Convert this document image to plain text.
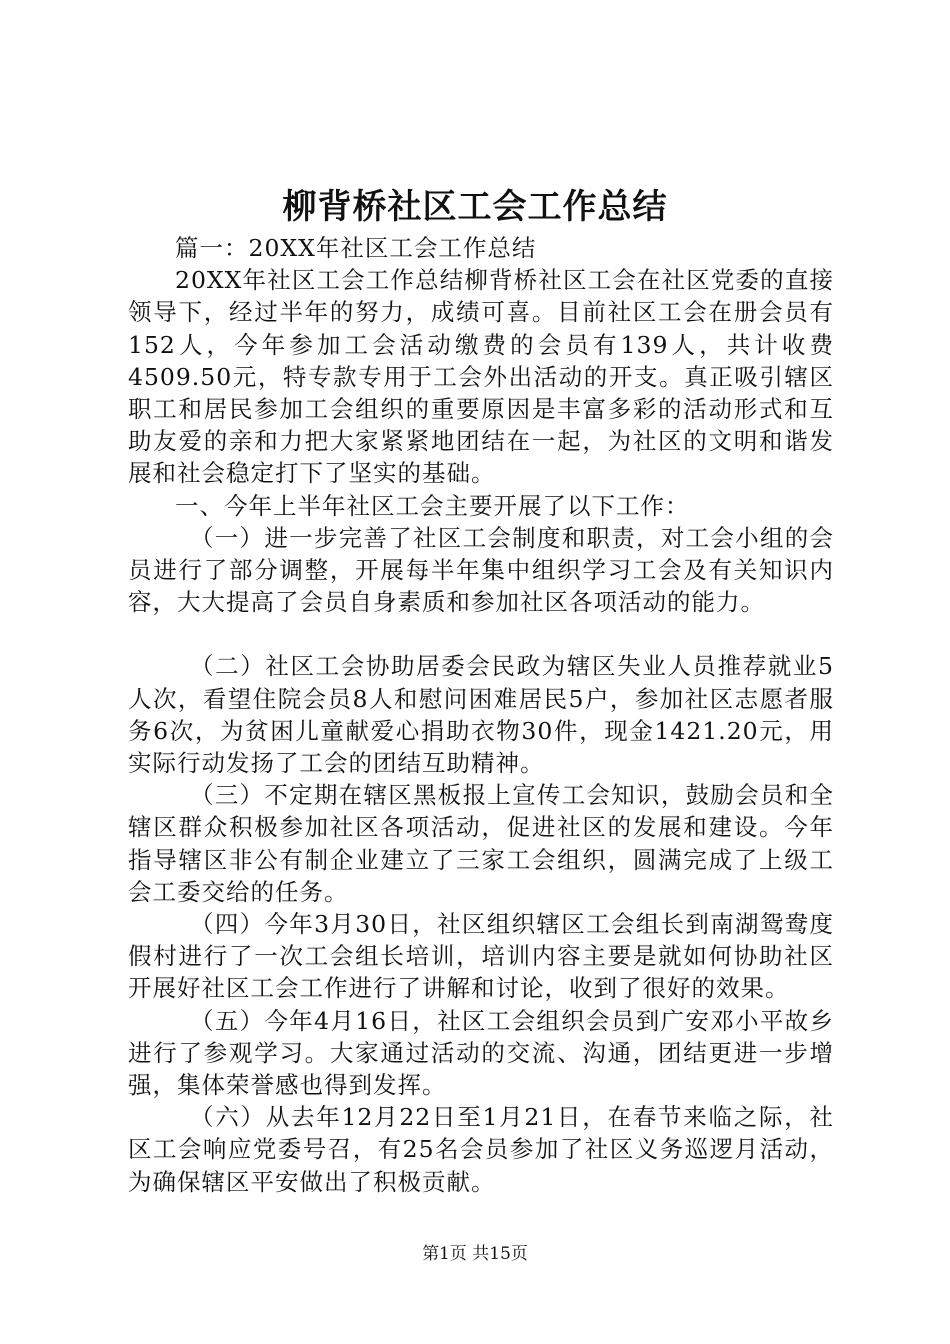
柳背桥社区工会工作总结

篇一：20XX年社区工会工作总结

20XX年社区工会工作总结柳背桥社区工会在社区党委的直接领导下，经过半年的努力，成绩可喜。目前社区工会在册会员有152人，今年参加工会活动缴费的会员有139人，共计收费4509.50元，特专款专用于工会外出活动的开支。真正吸引辖区职工和居民参加工会组织的重要原因是丰富多彩的活动形式和互助友爱的亲和力把大家紧紧地团结在一起，为社区的文明和谐发展和社会稳定打下了坚实的基础。

一、今年上半年社区工会主要开展了以下工作：

（一）进一步完善了社区工会制度和职责，对工会小组的会员进行了部分调整，开展每半年集中组织学习工会及有关知识内容，大大提高了会员自身素质和参加社区各项活动的能力。

（二）社区工会协助居委会民政为辖区失业人员推荐就业5人次，看望住院会员8人和慰问困难居民5户，参加社区志愿者服务6次，为贫困儿童献爱心捐助衣物30件，现金1421.20元，用实际行动发扬了工会的团结互助精神。

（三）不定期在辖区黑板报上宣传工会知识，鼓励会员和全辖区群众积极参加社区各项活动，促进社区的发展和建设。今年指导辖区非公有制企业建立了三家工会组织，圆满完成了上级工会工委交给的任务。

（四）今年3月30日，社区组织辖区工会组长到南湖鸳鸯度假村进行了一次工会组长培训，培训内容主要是就如何协助社区开展好社区工会工作进行了讲解和讨论，收到了很好的效果。

（五）今年4月16日，社区工会组织会员到广安邓小平故乡进行了参观学习。大家通过活动的交流、沟通，团结更进一步增强，集体荣誉感也得到发挥。

（六）从去年12月22日至1月21日，在春节来临之际，社区工会响应党委号召，有25名会员参加了社区义务巡逻月活动，为确保辖区平安做出了积极贡献。

第1页 共15页
